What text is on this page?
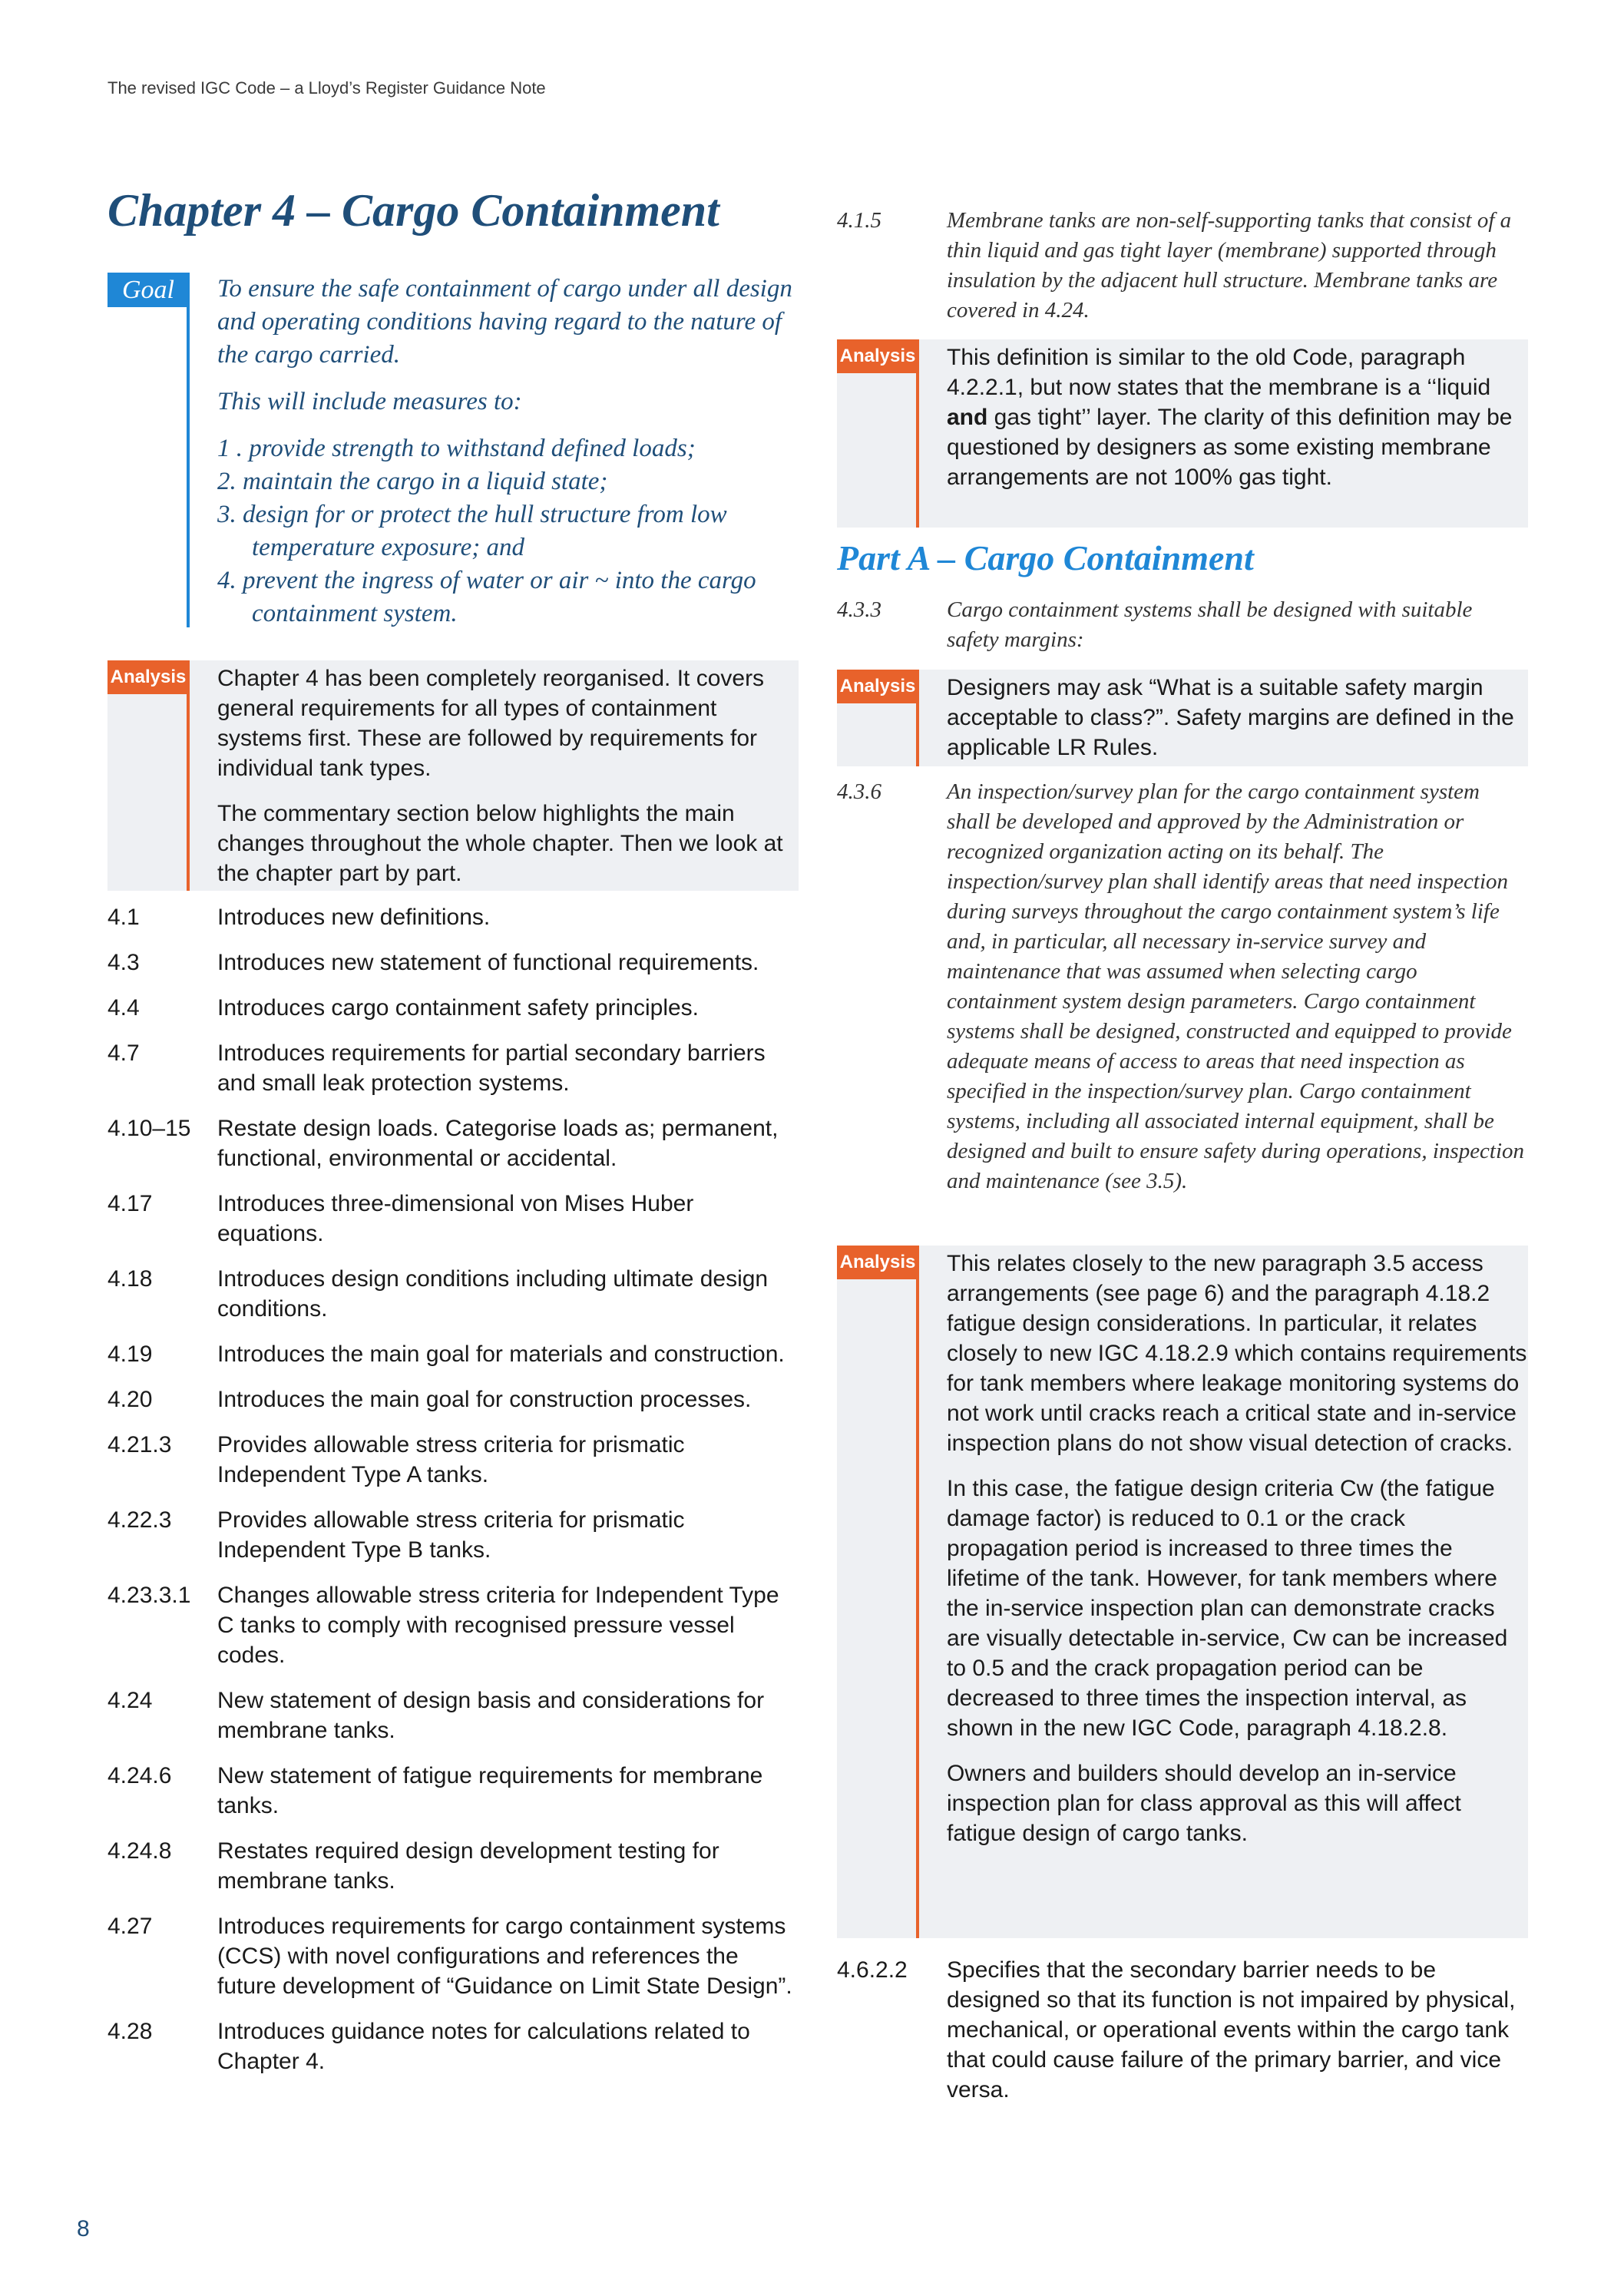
The revised IGC Code – a Lloyd’s Register Guidance Note
Chapter 4 – Cargo Containment
Goal	To ensure the safe containment of cargo under all design and operating conditions having regard to the nature of the cargo carried.

This will include measures to:

1 . provide strength to withstand defined loads;
2. maintain the cargo in a liquid state;
3. design for or protect the hull structure from low temperature exposure; and
4. prevent the ingress of water or air ~ into the cargo containment system.
Analysis Chapter 4 has been completely reorganised. It covers general requirements for all types of containment systems first. These are followed by requirements for individual tank types.

The commentary section below highlights the main changes throughout the whole chapter. Then we look at the chapter part by part.

4.1	Introduces new definitions.
4.3	Introduces new statement of functional requirements.
4.4	Introduces cargo containment safety principles.
4.7	Introduces requirements for partial secondary barriers and small leak protection systems.
4.10–15	Restate design loads. Categorise loads as; permanent, functional, environmental or accidental.
4.17	Introduces three-dimensional von Mises Huber equations.
4.18	Introduces design conditions including ultimate design conditions.
4.19	Introduces the main goal for materials and construction.
4.20	Introduces the main goal for construction processes.
4.21.3	Provides allowable stress criteria for prismatic Independent Type A tanks.
4.22.3	Provides allowable stress criteria for prismatic Independent Type B tanks.
4.23.3.1	Changes allowable stress criteria for Independent Type C tanks to comply with recognised pressure vessel codes.
4.24	New statement of design basis and considerations for membrane tanks.
4.24.6	New statement of fatigue requirements for membrane tanks.
4.24.8	Restates required design development testing for membrane tanks.
4.27	Introduces requirements for cargo containment systems (CCS) with novel configurations and references the future development of “Guidance on Limit State Design”.
4.28	Introduces guidance notes for calculations related to Chapter 4.
4.1.5	Membrane tanks are non-self-supporting tanks that consist of a thin liquid and gas tight layer (membrane) supported through insulation by the adjacent hull structure. Membrane tanks are covered in 4.24.
Analysis This definition is similar to the old Code, paragraph 4.2.2.1, but now states that the membrane is a ‘‘liquid and gas tight’’ layer. The clarity of this definition may be questioned by designers as some existing membrane arrangements are not 100% gas tight.

Part A – Cargo Containment
4.3.3	Cargo containment systems shall be designed with suitable safety margins:
Analysis Designers may ask “What is a suitable safety margin acceptable to class?”. Safety margins are defined in the applicable LR Rules.

4.3.6	An inspection/survey plan for the cargo containment system shall be developed and approved by the Administration or recognized organization acting on its behalf. The inspection/survey plan shall identify areas that need inspection during surveys throughout the cargo containment system’s life and, in particular, all necessary in-service survey and maintenance that was assumed when selecting cargo containment system design parameters. Cargo containment systems shall be designed, constructed and equipped to provide adequate means of access to areas that need inspection as specified in the inspection/survey plan. Cargo containment systems, including all associated internal equipment, shall be designed and built to ensure safety during operations, inspection and maintenance (see 3.5).
Analysis This relates closely to the new paragraph 3.5 access arrangements (see page 6) and the paragraph 4.18.2 fatigue design considerations. In particular, it relates closely to new IGC 4.18.2.9 which contains requirements for tank members where leakage monitoring systems do not work until cracks reach a critical state and in-service inspection plans do not show visual detection of cracks.

In this case, the fatigue design criteria Cw (the fatigue damage factor) is reduced to 0.1 or the crack propagation period is increased to three times the lifetime of the tank. However, for tank members where the in-service inspection plan can demonstrate cracks are visually detectable in-service, Cw can be increased to 0.5 and the crack propagation period can be decreased to three times the inspection interval, as shown in the new IGC Code, paragraph 4.18.2.8.

Owners and builders should develop an in-service inspection plan for class approval as this will affect fatigue design of cargo tanks.

4.6.2.2	Specifies that the secondary barrier needs to be designed so that its function is not impaired by physical, mechanical, or operational events within the cargo tank that could cause failure of the primary barrier, and vice versa.
8
